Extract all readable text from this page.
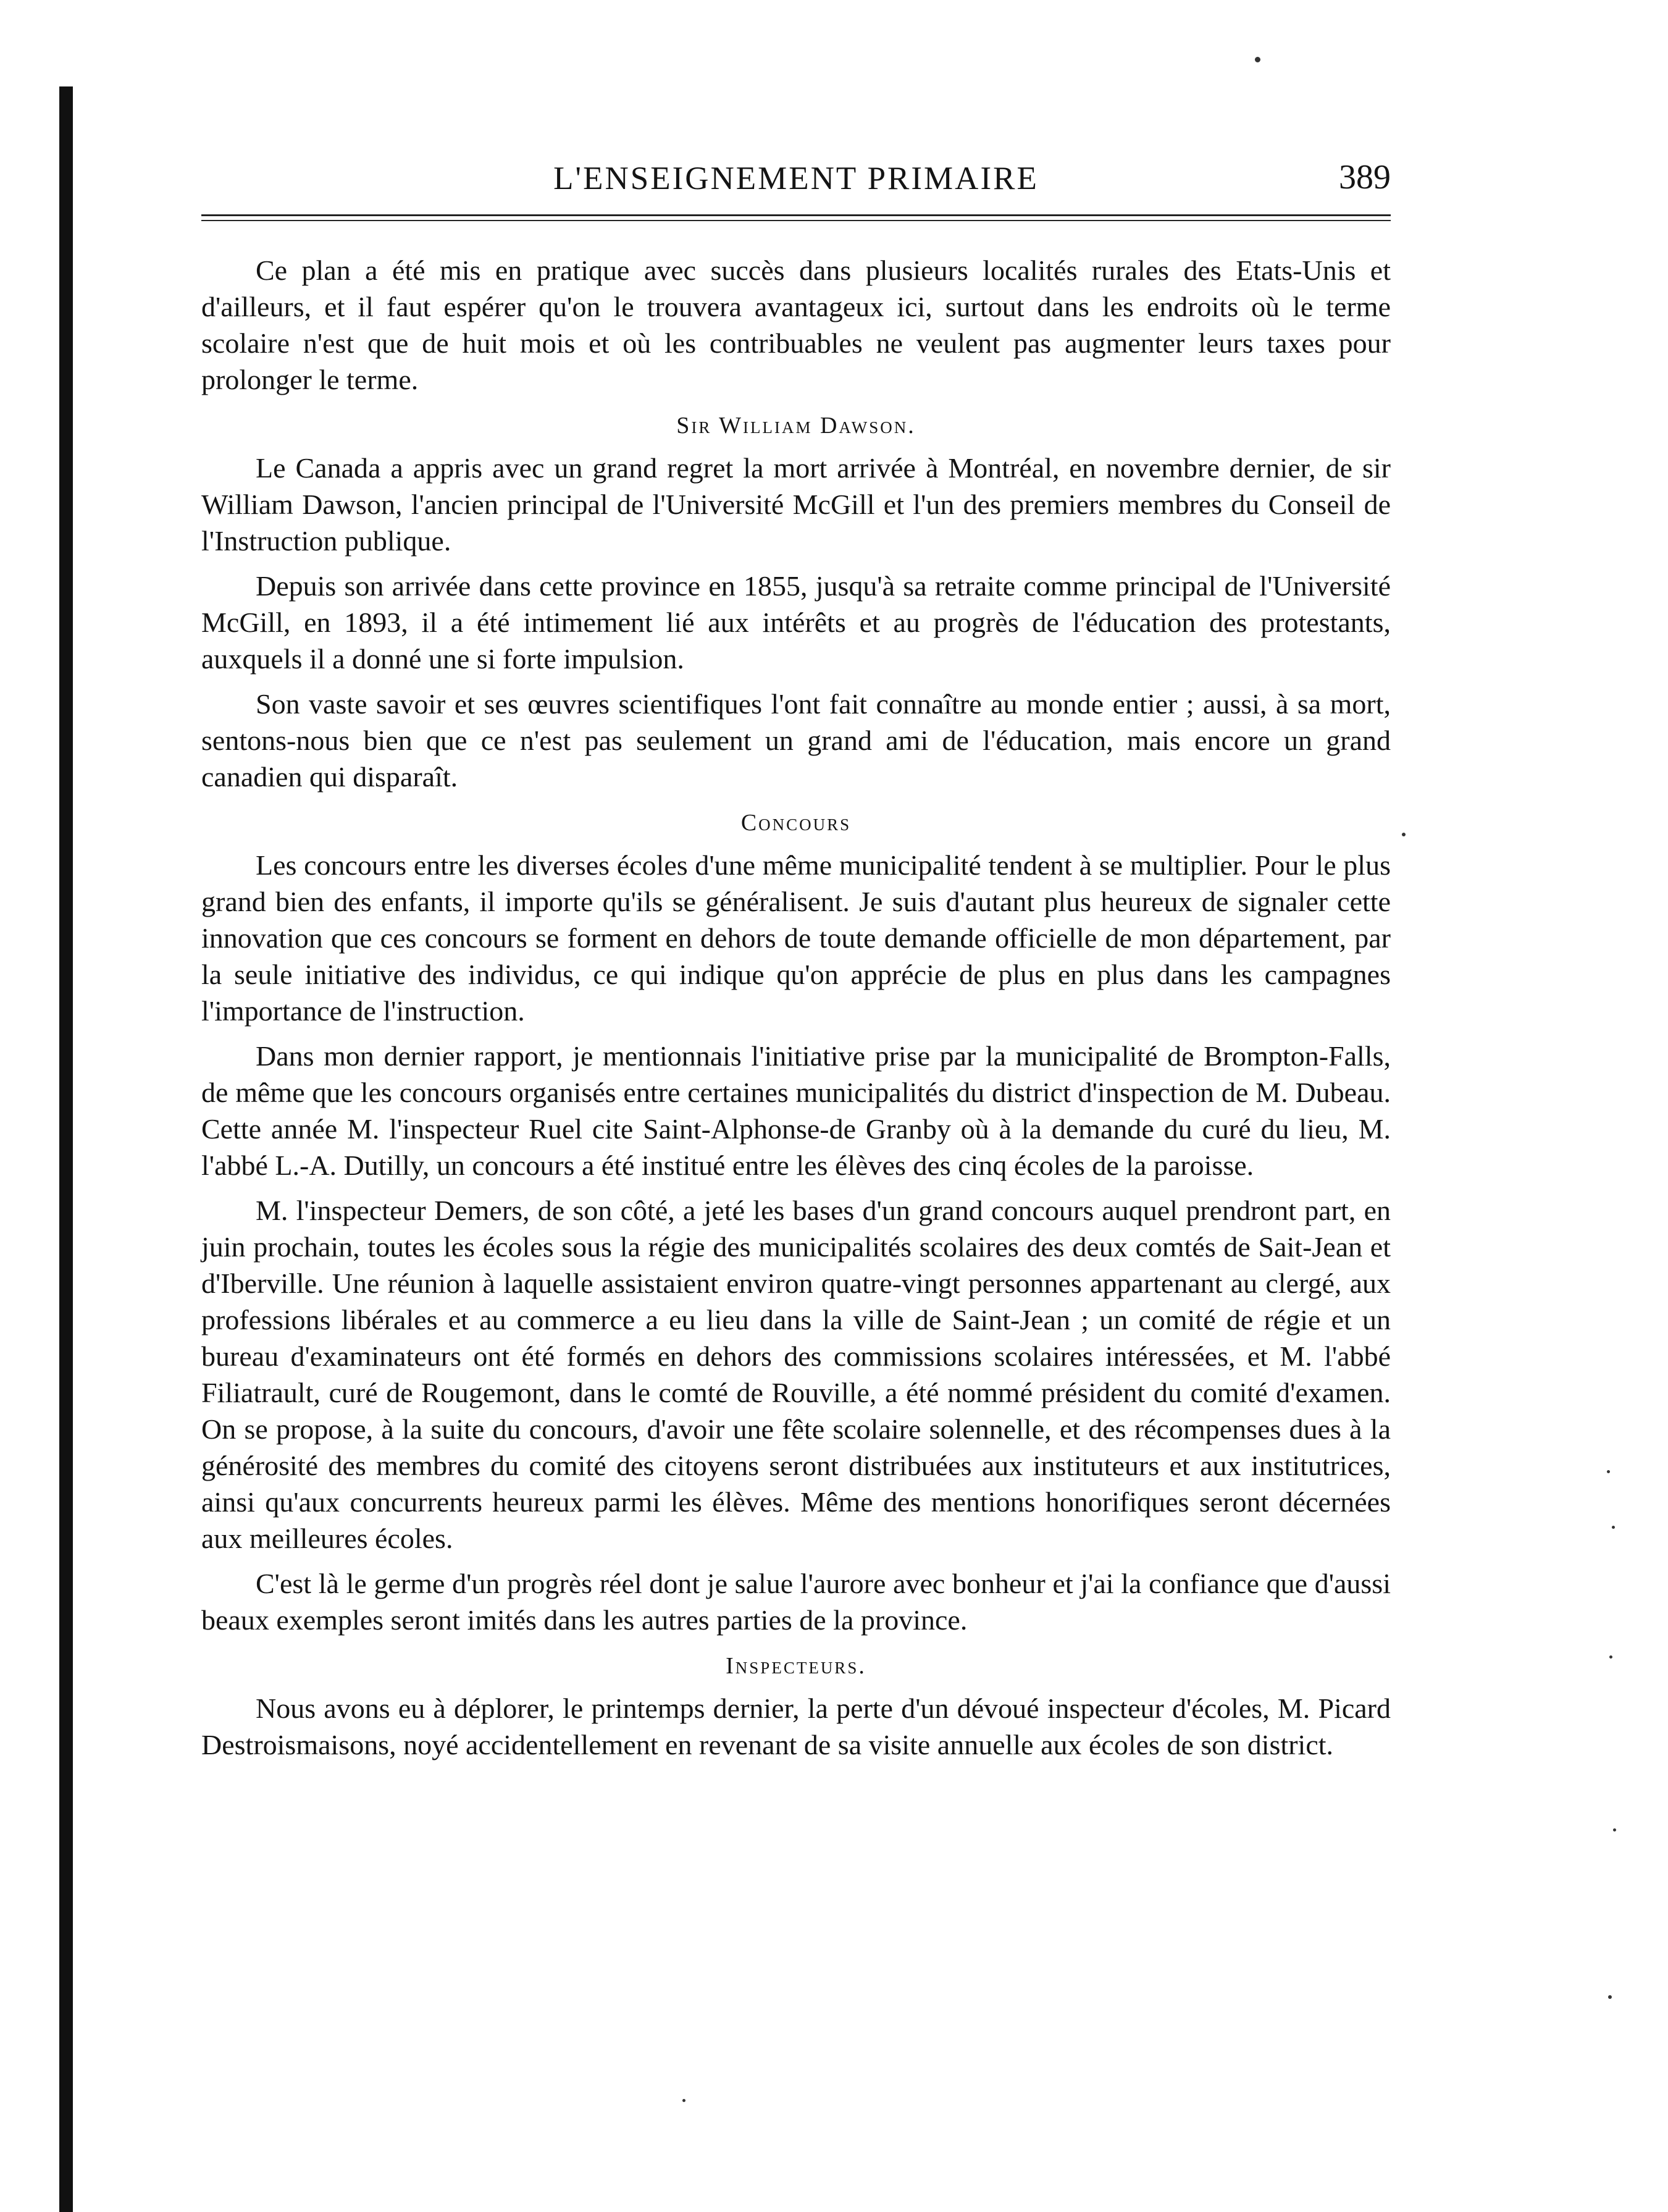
L'ENSEIGNEMENT PRIMAIRE	389

Ce plan a été mis en pratique avec succès dans plusieurs localités rurales des Etats-Unis et d'ailleurs, et il faut espérer qu'on le trouvera avantageux ici, surtout dans les endroits où le terme scolaire n'est que de huit mois et où les contribuables ne veulent pas augmenter leurs taxes pour prolonger le terme.

Sir William Dawson.

Le Canada a appris avec un grand regret la mort arrivée à Montréal, en novembre dernier, de sir William Dawson, l'ancien principal de l'Université McGill et l'un des premiers membres du Conseil de l'Instruction publique.

Depuis son arrivée dans cette province en 1855, jusqu'à sa retraite comme principal de l'Université McGill, en 1893, il a été intimement lié aux intérêts et au progrès de l'éducation des protestants, auxquels il a donné une si forte impulsion.

Son vaste savoir et ses œuvres scientifiques l'ont fait connaître au monde entier ; aussi, à sa mort, sentons-nous bien que ce n'est pas seulement un grand ami de l'éducation, mais encore un grand canadien qui disparaît.

Concours

Les concours entre les diverses écoles d'une même municipalité tendent à se multiplier. Pour le plus grand bien des enfants, il importe qu'ils se généralisent. Je suis d'autant plus heureux de signaler cette innovation que ces concours se forment en dehors de toute demande officielle de mon département, par la seule initiative des individus, ce qui indique qu'on apprécie de plus en plus dans les campagnes l'importance de l'instruction.

Dans mon dernier rapport, je mentionnais l'initiative prise par la municipalité de Brompton-Falls, de même que les concours organisés entre certaines municipalités du district d'inspection de M. Dubeau. Cette année M. l'inspecteur Ruel cite Saint-Alphonse-de Granby où à la demande du curé du lieu, M. l'abbé L.-A. Dutilly, un concours a été institué entre les élèves des cinq écoles de la paroisse.

M. l'inspecteur Demers, de son côté, a jeté les bases d'un grand concours auquel prendront part, en juin prochain, toutes les écoles sous la régie des municipalités scolaires des deux comtés de Sait-Jean et d'Iberville. Une réunion à laquelle assistaient environ quatre-vingt personnes appartenant au clergé, aux professions libérales et au commerce a eu lieu dans la ville de Saint-Jean ; un comité de régie et un bureau d'examinateurs ont été formés en dehors des commissions scolaires intéressées, et M. l'abbé Filiatrault, curé de Rougemont, dans le comté de Rouville, a été nommé président du comité d'examen. On se propose, à la suite du concours, d'avoir une fête scolaire solennelle, et des récompenses dues à la générosité des membres du comité des citoyens seront distribuées aux instituteurs et aux institutrices, ainsi qu'aux concurrents heureux parmi les élèves. Même des mentions honorifiques seront décernées aux meilleures écoles.

C'est là le germe d'un progrès réel dont je salue l'aurore avec bonheur et j'ai la confiance que d'aussi beaux exemples seront imités dans les autres parties de la province.

Inspecteurs.

Nous avons eu à déplorer, le printemps dernier, la perte d'un dévoué inspecteur d'écoles, M. Picard Destroismaisons, noyé accidentellement en revenant de sa visite annuelle aux écoles de son district.
